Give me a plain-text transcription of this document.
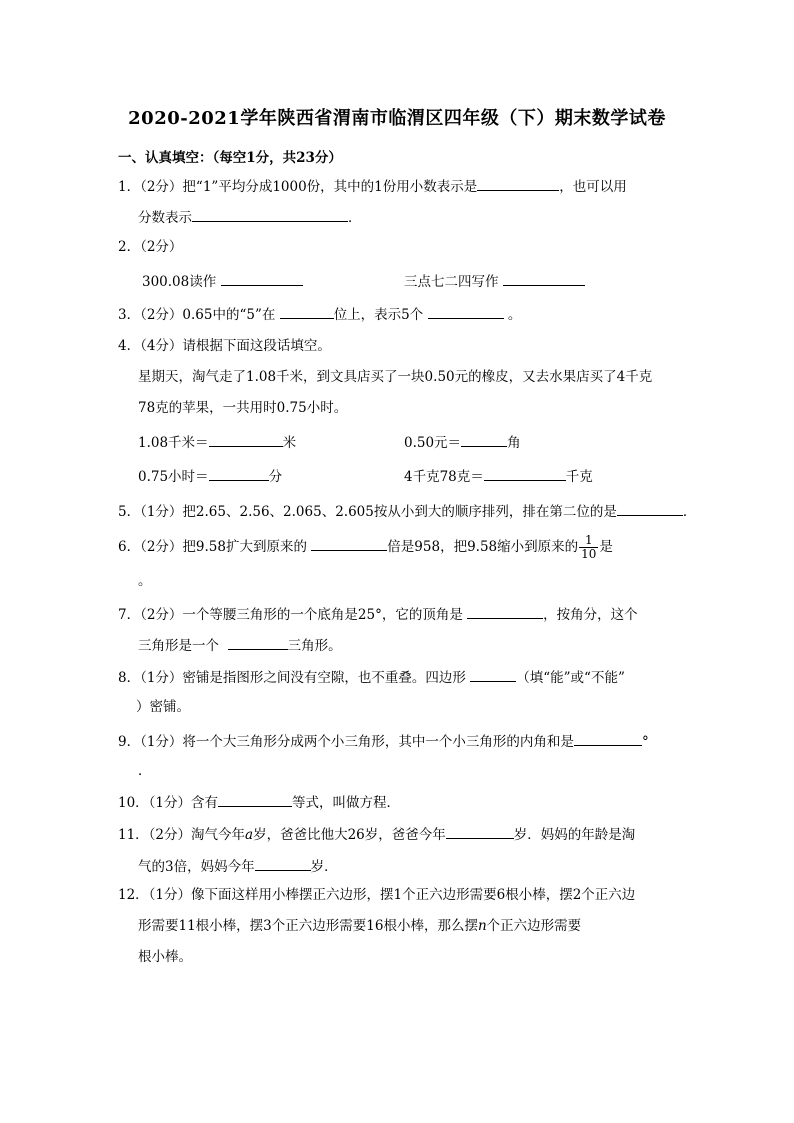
2020-2021学年陕西省渭南市临渭区四年级（下）期末数学试卷
一、认真填空：（每空1分，共23分）
1．（2分）把“1”平均分成1000份，其中的1份用小数表示是	，也可以用
分数表示	．
2．（2分）
300.08读作	三点七二四写作
3．（2分）0.65中的“5”在	位上，表示5个	。
4．（4分）请根据下面这段话填空。
星期天，淘气走了1.08千米，到文具店买了一块0.50元的橡皮，又去水果店买了4千克
78克的苹果，一共用时0.75小时。
1.08千米＝	米	0.50元＝	角
0.75小时＝	分	4千克78克＝	千克
5．（1分）把2.65、2.56、2.065、2.605按从小到大的顺序排列，排在第二位的是	．
6．（2分）把9.58扩大到原来的	倍是958，把9.58缩小到原来的 $\frac{1}{10}$ 是
。
7．（2分）一个等腰三角形的一个底角是25°，它的顶角是	，按角分，这个
三角形是一个	三角形。
8．（1分）密铺是指图形之间没有空隙，也不重叠。四边形	（填“能”或“不能”
）密铺。
9．（1分）将一个大三角形分成两个小三角形，其中一个小三角形的内角和是	°
．
10．（1分）含有	等式，叫做方程．
11．（2分）淘气今年a岁，爸爸比他大26岁，爸爸今年	岁．妈妈的年龄是淘
气的3倍，妈妈今年	岁．
12．（1分）像下面这样用小棒摆正六边形，摆1个正六边形需要6根小棒，摆2个正六边
形需要11根小棒，摆3个正六边形需要16根小棒，那么摆n个正六边形需要
根小棒。
